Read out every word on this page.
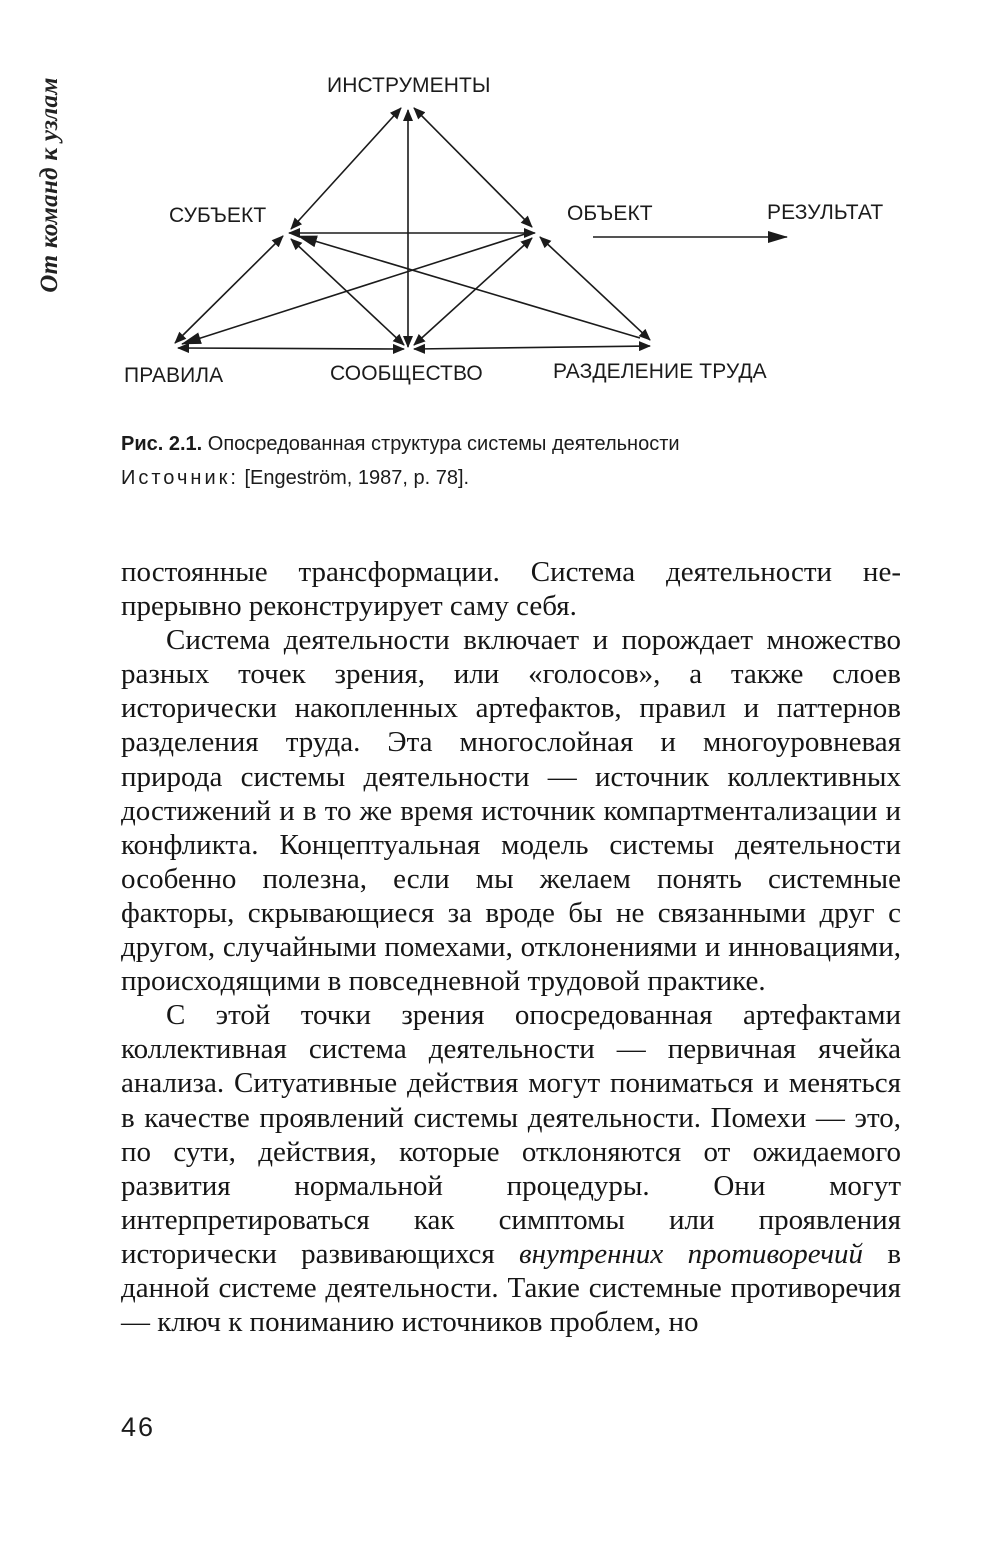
От команд к узлам	ИНСТРУМЕНТЫ
СУБЪЕКТ	ОБЪЕКТ	РЕЗУЛЬТАТ
ПРАВИЛА	СООБЩЕСТВО	РАЗДЕЛЕНИЕ ТРУДА
Рис. 2.1. Опосредованная структура системы деятельности
Источник: [Engeström, 1987, p. 78].

постоянные трансформации. Система деятельности непрерывно реконструирует саму себя.

Система деятельности включает и порождает множество разных точек зрения, или «голосов», а также слоев исторически накопленных артефактов, правил и паттернов разделения труда. Эта многослойная и многоуровневая природа системы деятельности — источник коллективных достижений и в то же время источник компартментализации и конфликта. Концептуальная модель системы деятельности особенно полезна, если мы желаем понять системные факторы, скрывающиеся за вроде бы не связанными друг с другом, случайными помехами, отклонениями и инновациями, происходящими в повседневной трудовой практике.

С этой точки зрения опосредованная артефактами коллективная система деятельности — первичная ячейка анализа. Ситуативные действия могут пониматься и меняться в качестве проявлений системы деятельности. Помехи — это, по сути, действия, которые отклоняются от ожидаемого развития нормальной процедуры. Они могут интерпретироваться как симптомы или проявления исторически развивающихся внутренних противоречий в данной системе деятельности. Такие системные противоречия — ключ к пониманию источников проблем, но

46
